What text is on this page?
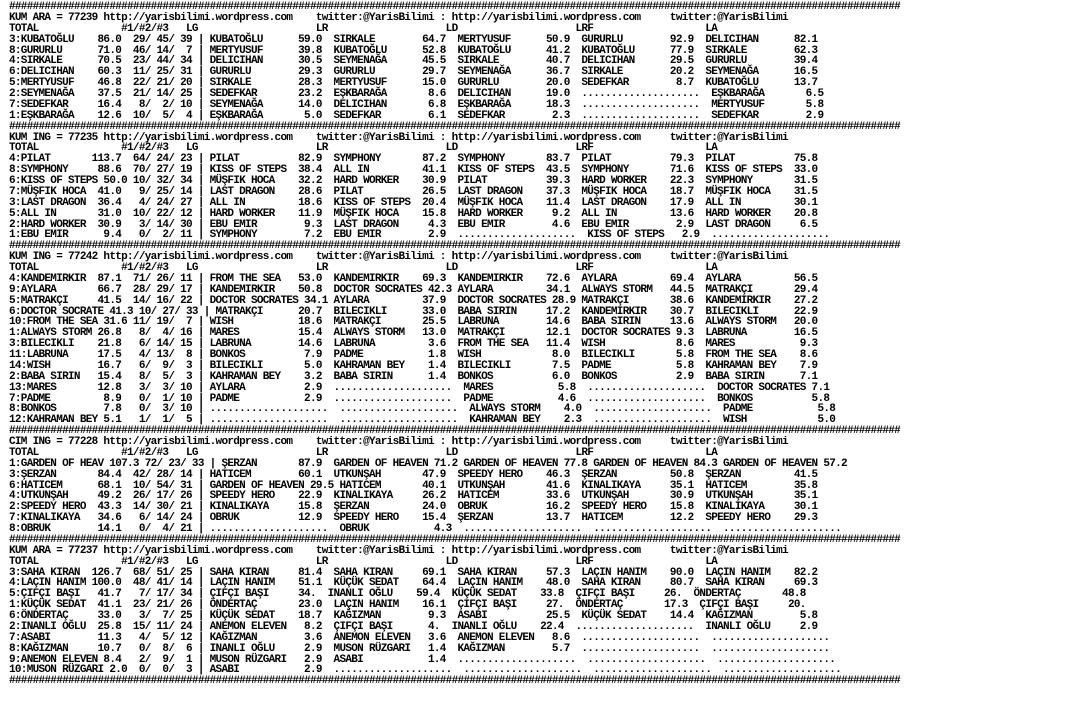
#######################################################################################################################################################
KUM ARA = 77239 http://yarisbilimi.wordpress.com    twitter:@YarisBilimi : http://yarisbilimi.wordpress.com     twitter:@YarisBilimi
TOTAL              #1/#2/#3   LG                    LR                    LD                    LRF                   LA
3:KUBATOĞLU    86.0  29/ 45/ 39 | KUBATOĞLU      59.0  SIRKALE        64.7  MERTYUSUF      50.9  GURURLU        92.9  DELICIHAN      82.1
8:GURURLU      71.0  46/ 14/  7 | MERTYUSUF      39.8  KUBATOĞLU      52.8  KUBATOĞLU      41.2  KUBATOĞLU      77.9  SIRKALE        62.3
4:SIRKALE      70.5  23/ 44/ 34 | DELICIHAN      30.5  SEYMENAĞA      45.5  SIRKALE        40.7  DELICIHAN      29.5  GURURLU        39.4
6:DELICIHAN    60.3  11/ 25/ 31 | GURURLU        29.3  GURURLU        29.7  SEYMENAĞA      36.7  SIRKALE        20.2  SEYMENAĞA      16.5
5:MERTYUSUF    46.8  22/ 21/ 20 | SIRKALE        28.3  MERTYUSUF      15.0  GURURLU        20.0  SEDEFKAR        8.7  KUBATOĞLU      13.7
2:SEYMENAĞA    37.5  21/ 14/ 25 | SEDEFKAR       23.2  EŞKBARAĞA       8.6  DELICIHAN      19.0  ....................  EŞKBARAĞA       6.5
7:SEDEFKAR     16.4   8/  2/ 10 | SEYMENAĞA      14.0  DELICIHAN       6.8  EŞKBARAĞA      18.3  ....................  MERTYUSUF       5.8
1:EŞKBARAĞA    12.6  10/  5/  4 | EŞKBARAĞA       5.0  SEDEFKAR        6.1  SEDEFKAR        2.3  ....................  SEDEFKAR        2.9
#######################################################################################################################################################
KUM ING = 77235 http://yarisbilimi.wordpress.com    twitter:@YarisBilimi : http://yarisbilimi.wordpress.com     twitter:@YarisBilimi
TOTAL              #1/#2/#3   LG                    LR                    LD                    LRF                   LA
4:PILAT       113.7  64/ 24/ 23 | PILAT          82.9  SYMPHONY       87.2  SYMPHONY       83.7  PILAT          79.3  PILAT          75.8
8:SYMPHONY     88.6  70/ 27/ 19 | KISS OF STEPS  38.4  ALL IN         41.1  KISS OF STEPS  43.5  SYMPHONY       71.6  KISS OF STEPS  33.0
6:KISS OF STEPS 50.0 10/ 32/ 34 | MÜŞFIK HOCA    32.2  HARD WORKER    30.9  PILAT          39.3  HARD WORKER    22.3  SYMPHONY       31.5
7:MÜŞFIK HOCA  41.0   9/ 25/ 14 | LAST DRAGON    28.6  PILAT          26.5  LAST DRAGON    37.3  MÜŞFIK HOCA    18.7  MÜŞFIK HOCA    31.5
3:LAST DRAGON  36.4   4/ 24/ 27 | ALL IN         18.6  KISS OF STEPS  20.4  MÜŞFIK HOCA    11.4  LAST DRAGON    17.9  ALL IN         30.1
5:ALL IN       31.0  10/ 22/ 12 | HARD WORKER    11.9  MÜŞFIK HOCA    15.8  HARD WORKER     9.2  ALL IN         13.6  HARD WORKER    20.8
2:HARD WORKER  30.9   3/ 14/ 30 | EBU EMIR        9.3  LAST DRAGON     4.3  EBU EMIR        4.6  EBU EMIR        2.9  LAST DRAGON     6.5
1:EBU EMIR      9.4   0/  2/ 11 | SYMPHONY        7.2  EBU EMIR        2.9  ....................  KISS OF STEPS   2.9  ....................
#######################################################################################################################################################
KUM ING = 77242 http://yarisbilimi.wordpress.com    twitter:@YarisBilimi : http://yarisbilimi.wordpress.com     twitter:@YarisBilimi
TOTAL              #1/#2/#3   LG                    LR                    LD                    LRF                   LA
4:KANDEMIRKIR  87.1  71/ 26/ 11 | FROM THE SEA   53.0  KANDEMIRKIR    69.3  KANDEMIRKIR    72.6  AYLARA         69.4  AYLARA         56.5
9:AYLARA       66.7  28/ 29/ 17 | KANDEMIRKIR    50.8  DOCTOR SOCRATES 42.3 AYLARA         34.1  ALWAYS STORM   44.5  MATRAKÇI       29.4
5:MATRAKÇI     41.5  14/ 16/ 22 | DOCTOR SOCRATES 34.1 AYLARA         37.9  DOCTOR SOCRATES 28.9 MATRAKÇI       38.6  KANDEMIRKIR    27.2
6:DOCTOR SOCRATE 41.3 10/ 27/ 33 | MATRAKÇI      20.7  BILECIKLI      33.0  BABA SIRIN     17.2  KANDEMIRKIR    30.7  BILECIKLI      22.9
10:FROM THE SEA 31.6 11/ 19/  7 | WISH           18.6  MATRAKÇI       25.5  LABRUNA        14.6  BABA SIRIN     13.6  ALWAYS STORM   20.0
1:ALWAYS STORM 26.8   8/  4/ 16 | MARES          15.4  ALWAYS STORM   13.0  MATRAKÇI       12.1  DOCTOR SOCRATES 9.3  LABRUNA        16.5
3:BILECIKLI    21.8   6/ 14/ 15 | LABRUNA        14.6  LABRUNA         3.6  FROM THE SEA   11.4  WISH            8.6  MARES           9.3
11:LABRUNA     17.5   4/ 13/  8 | BONKOS          7.9  PADME           1.8  WISH            8.0  BILECIKLI       5.8  FROM THE SEA    8.6
14:WISH        16.7   6/  9/  3 | BILECIKLI       5.0  KAHRAMAN BEY    1.4  BILECIKLI       7.5  PADME           5.8  KAHRAMAN BEY    7.9
2:BABA SIRIN   15.4   8/  5/  3 | KAHRAMAN BEY    3.2  BABA SIRIN      1.4  BONKOS          6.0  BONKOS          2.9  BABA SIRIN      7.1
13:MARES       12.8   3/  3/ 10 | AYLARA          2.9  ....................  MARES           5.8  ....................  DOCTOR SOCRATES 7.1
7:PADME         8.9   0/  1/ 10 | PADME           2.9  ....................  PADME           4.6  ....................  BONKOS          5.8
8:BONKOS        7.8   0/  3/ 10 | ....................  ....................  ALWAYS STORM    4.0  ....................  PADME           5.8
12:KAHRAMAN BEY 5.1   1/  1/  5 | ....................  ....................  KAHRAMAN BEY    2.3  ....................  WISH            5.0
#######################################################################################################################################################
CIM ING = 77228 http://yarisbilimi.wordpress.com    twitter:@YarisBilimi : http://yarisbilimi.wordpress.com     twitter:@YarisBilimi
TOTAL              #1/#2/#3   LG                    LR                    LD                    LRF                   LA
1:GARDEN OF HEAV 107.3 72/ 23/ 33 | ŞERZAN       87.9  GARDEN OF HEAVEN 71.2 GARDEN OF HEAVEN 77.8 GARDEN OF HEAVEN 84.3 GARDEN OF HEAVEN 57.2
3:ŞERZAN       84.4  42/ 28/ 14 | HATICEM        60.1  UTKUNŞAH       47.9  SPEEDY HERO    46.3  ŞERZAN         50.8  ŞERZAN         41.5
6:HATICEM      68.1  10/ 54/ 31 | GARDEN OF HEAVEN 29.5 HATICEM       40.1  UTKUNŞAH       41.6  KINALIKAYA     35.1  HATICEM        35.8
4:UTKUNŞAH     49.2  26/ 17/ 26 | SPEEDY HERO    22.9  KINALIKAYA     26.2  HATICEM        33.6  UTKUNŞAH       30.9  UTKUNŞAH       35.1
2:SPEEDY HERO  43.3  14/ 30/ 21 | KINALIKAYA     15.8  ŞERZAN         24.0  OBRUK          16.2  SPEEDY HERO    15.8  KINALIKAYA     30.1
7:KINALIKAYA   34.6   6/ 14/ 24 | OBRUK          12.9  SPEEDY HERO    15.4  ŞERZAN         13.7  HATICEM        12.2  SPEEDY HERO    29.3
8:OBRUK        14.1   0/  4/ 21 | ....................  OBRUK           4.3  ....................  ....................  ....................
#######################################################################################################################################################
KUM ARA = 77237 http://yarisbilimi.wordpress.com    twitter:@YarisBilimi : http://yarisbilimi.wordpress.com     twitter:@YarisBilimi
TOTAL              #1/#2/#3   LG                    LR                    LD                    LRF                   LA
3:SAHA KIRAN  126.7  68/ 51/ 25 | SAHA KIRAN     81.4  SAHA KIRAN     69.1  SAHA KIRAN     57.3  LAÇIN HANIM    90.0  LAÇIN HANIM    82.2
4:LAÇIN HANIM 100.0  48/ 41/ 14 | LAÇIN HANIM    51.1  KÜÇÜK SEDAT    64.4  LAÇIN HANIM    48.0  SAHA KIRAN     80.7  SAHA KIRAN     69.3
5:ÇIFÇI BAŞI   41.7   7/ 17/ 34 | ÇIFÇI BAŞI     34.  INANLI OĞLU    59.4  KÜÇÜK SEDAT    33.8  ÇIFÇI BAŞI     26.  ÖNDERTAÇ       48.8
1:KÜÇÜK SEDAT  41.1  23/ 21/ 26 | ÖNDERTAÇ       23.0  LAÇIN HANIM    16.1  ÇIFÇI BAŞI     27.  ÖNDERTAÇ       17.3  ÇIFÇI BAŞI     20.
6:ÖNDERTAÇ     33.0   3/  7/ 25 | KÜÇÜK SEDAT    18.7  KAĞIZMAN        9.3  ASABI          25.5  KÜÇÜK SEDAT    14.4  KAĞIZMAN        5.8
2:INANLI OĞLU  25.8  15/ 11/ 24 | ANEMON ELEVEN   8.2  ÇIFÇI BAŞI      4.  INANLI OĞLU    22.4  ....................  INANLI OĞLU     2.9
7:ASABI        11.3   4/  5/ 12 | KAĞIZMAN        3.6  ANEMON ELEVEN   3.6  ANEMON ELEVEN   8.6  ....................  ....................
8:KAĞIZMAN     10.7   0/  8/  6 | INANLI OĞLU     2.9  MUSON RÜZGARI   1.4  KAĞIZMAN        5.7  ....................  ....................
9:ANEMON ELEVEN 8.4   2/  9/  1 | MUSON RÜZGARI   2.9  ASABI           1.4  ....................  ....................  ....................
10:MUSON RÜZGARI 2.0  0/  0/  3 | ASABI           2.9  ....................  ....................  ....................  ....................
#######################################################################################################################################################
